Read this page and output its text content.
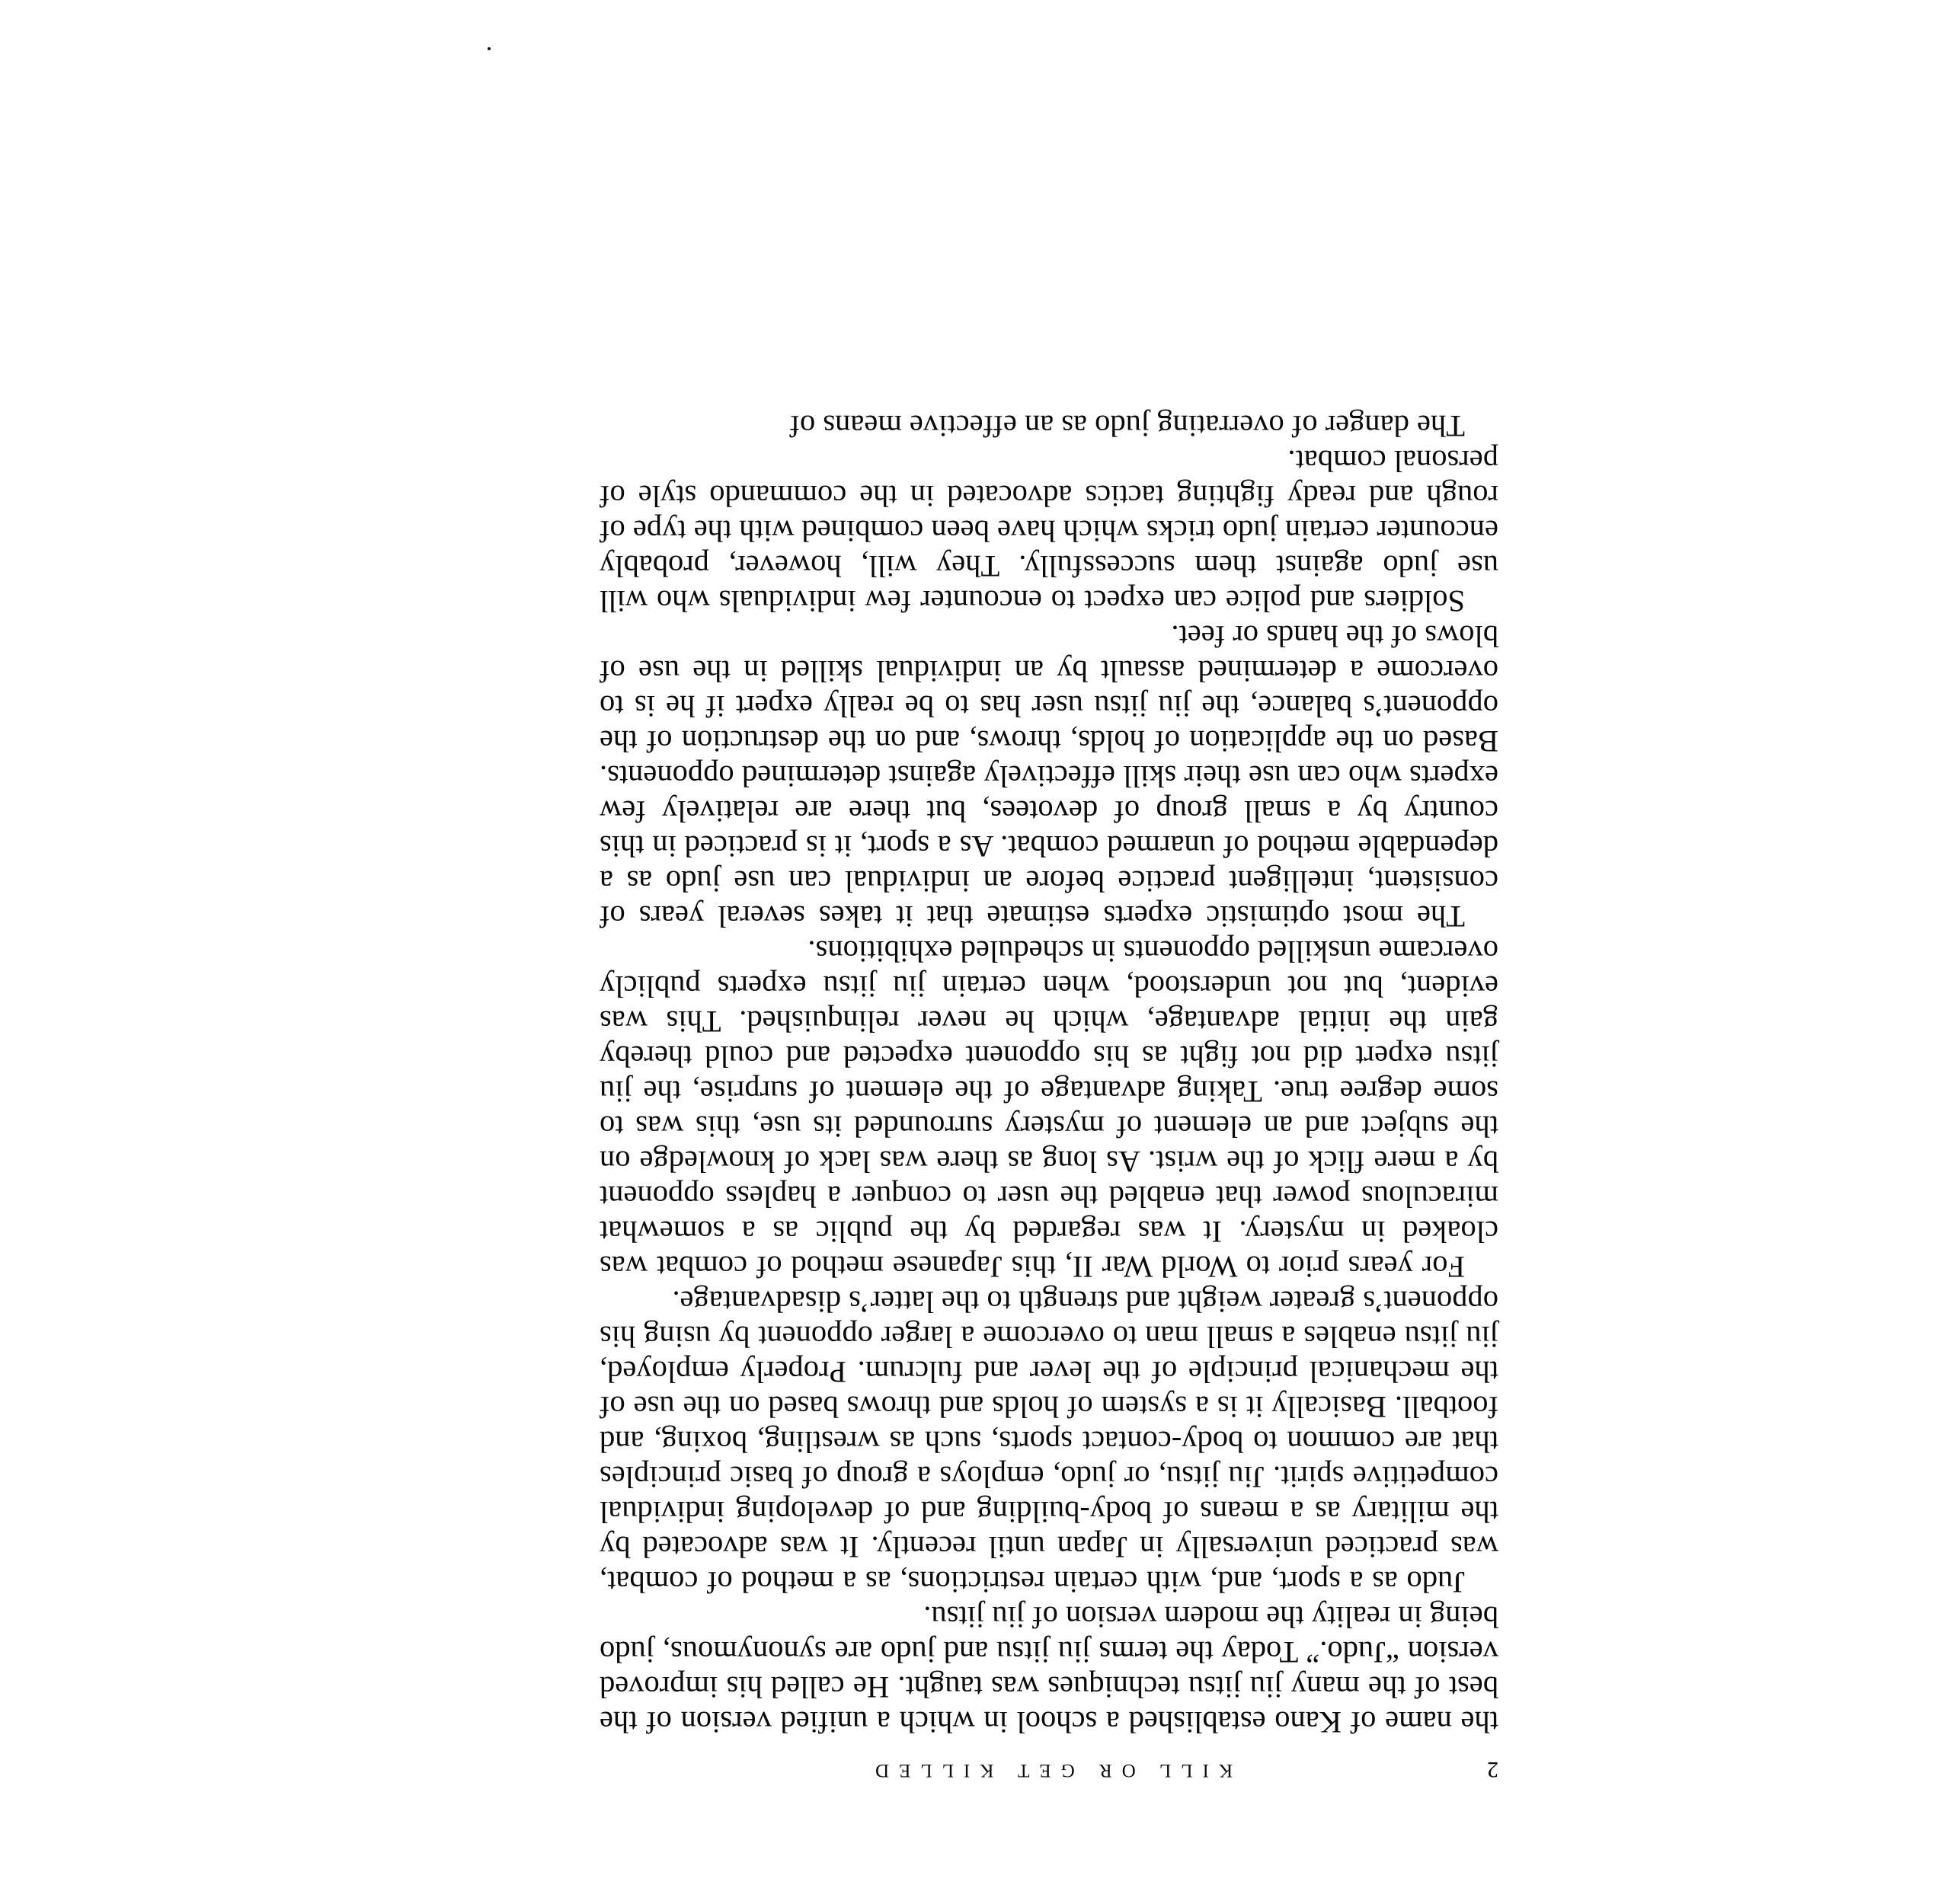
2
KILL OR GET KILLED

the name of Kano established a school in which a unified version of the best of the many jiu jitsu techniques was taught. He called his improved version “Judo.” Today the terms jiu jitsu and judo are synonymous, judo being in reality the modern version of jiu jitsu.

Judo as a sport, and, with certain restrictions, as a method of combat, was practiced universally in Japan until recently. It was advocated by the military as a means of body-building and of developing individual competitive spirit. Jiu jitsu, or judo, employs a group of basic principles that are common to body-contact sports, such as wrestling, boxing, and football. Basically it is a system of holds and throws based on the use of the mechanical principle of the lever and fulcrum. Properly employed, jiu jitsu enables a small man to overcome a larger opponent by using his opponent’s greater weight and strength to the latter’s disadvantage.

For years prior to World War II, this Japanese method of combat was cloaked in mystery. It was regarded by the public as a somewhat miraculous power that enabled the user to conquer a hapless opponent by a mere flick of the wrist. As long as there was lack of knowledge on the subject and an element of mystery surrounded its use, this was to some degree true. Taking advantage of the element of surprise, the jiu jitsu expert did not fight as his opponent expected and could thereby gain the initial advantage, which he never relinquished. This was evident, but not understood, when certain jiu jitsu experts publicly overcame unskilled opponents in scheduled exhibitions.

The most optimistic experts estimate that it takes several years of consistent, intelligent practice before an individual can use judo as a dependable method of unarmed combat. As a sport, it is practiced in this country by a small group of devotees, but there are relatively few experts who can use their skill effectively against determined opponents. Based on the application of holds, throws, and on the destruction of the opponent’s balance, the jiu jitsu user has to be really expert if he is to overcome a determined assault by an individual skilled in the use of blows of the hands or feet.

Soldiers and police can expect to encounter few individuals who will use judo against them successfully. They will, however, probably encounter certain judo tricks which have been combined with the type of rough and ready fighting tactics advocated in the commando style of personal combat.

The danger of overrating judo as an effective means of
